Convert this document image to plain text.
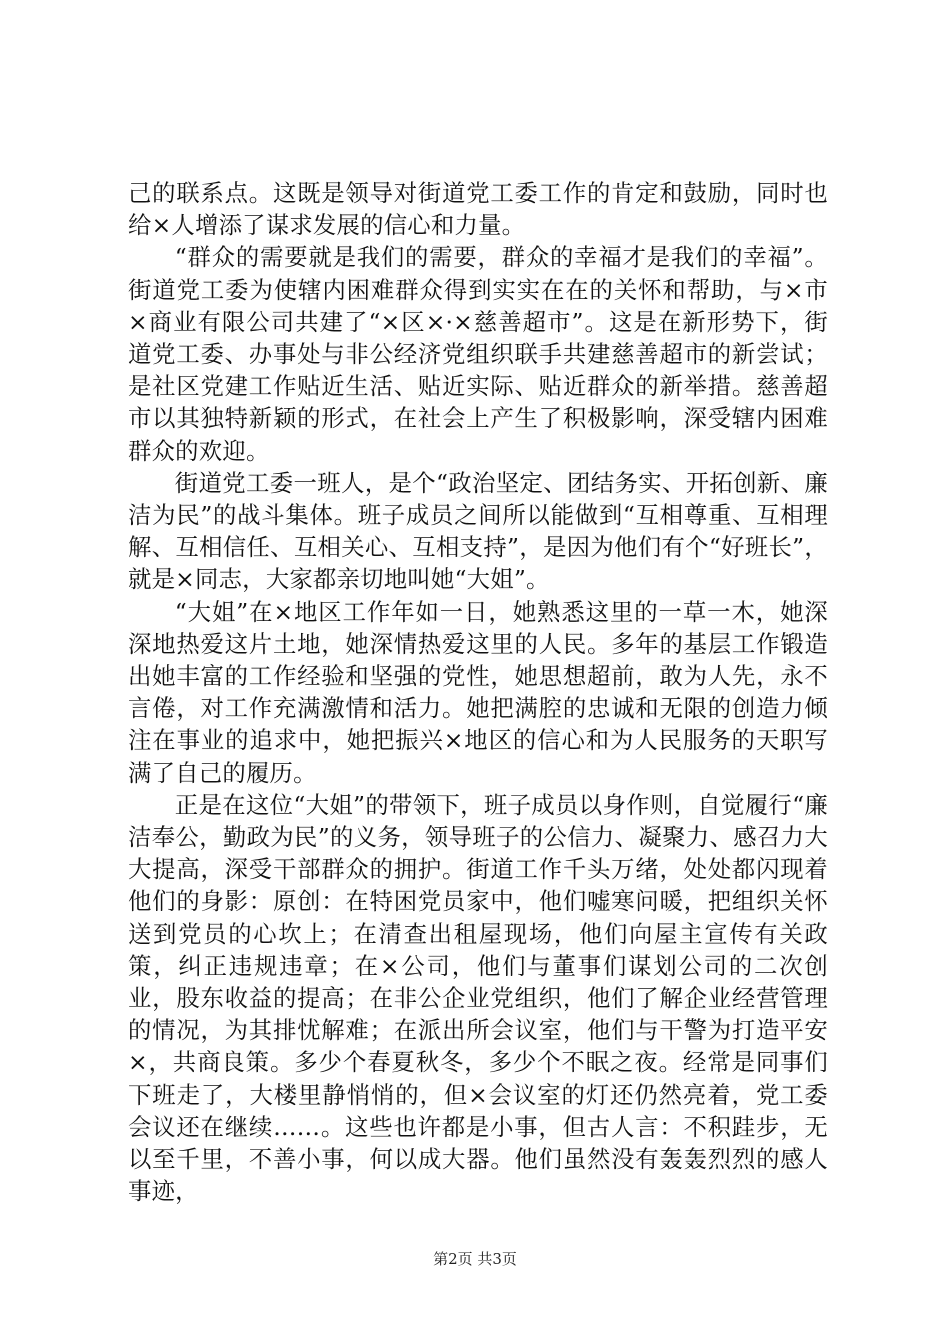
己的联系点。这既是领导对街道党工委工作的肯定和鼓励，同时也给×人增添了谋求发展的信心和力量。

“群众的需要就是我们的需要，群众的幸福才是我们的幸福”。街道党工委为使辖内困难群众得到实实在在的关怀和帮助，与×市×商业有限公司共建了“×区×·×慈善超市”。这是在新形势下，街道党工委、办事处与非公经济党组织联手共建慈善超市的新尝试；是社区党建工作贴近生活、贴近实际、贴近群众的新举措。慈善超市以其独特新颖的形式，在社会上产生了积极影响，深受辖内困难群众的欢迎。

街道党工委一班人，是个“政治坚定、团结务实、开拓创新、廉洁为民”的战斗集体。班子成员之间所以能做到“互相尊重、互相理解、互相信任、互相关心、互相支持”，是因为他们有个“好班长”，就是×同志，大家都亲切地叫她“大姐”。

“大姐”在×地区工作年如一日，她熟悉这里的一草一木，她深深地热爱这片土地，她深情热爱这里的人民。多年的基层工作锻造出她丰富的工作经验和坚强的党性，她思想超前，敢为人先，永不言倦，对工作充满激情和活力。她把满腔的忠诚和无限的创造力倾注在事业的追求中，她把振兴×地区的信心和为人民服务的天职写满了自己的履历。

正是在这位“大姐”的带领下，班子成员以身作则，自觉履行“廉洁奉公，勤政为民”的义务，领导班子的公信力、凝聚力、感召力大大提高，深受干部群众的拥护。街道工作千头万绪，处处都闪现着他们的身影：原创：在特困党员家中，他们嘘寒问暖，把组织关怀送到党员的心坎上；在清查出租屋现场，他们向屋主宣传有关政策，纠正违规违章；在×公司，他们与董事们谋划公司的二次创业，股东收益的提高；在非公企业党组织，他们了解企业经营管理的情况，为其排忧解难；在派出所会议室，他们与干警为打造平安×，共商良策。多少个春夏秋冬，多少个不眠之夜。经常是同事们下班走了，大楼里静悄悄的，但×会议室的灯还仍然亮着，党工委会议还在继续……。这些也许都是小事，但古人言：不积跬步，无以至千里，不善小事，何以成大器。他们虽然没有轰轰烈烈的感人事迹，

第2页 共3页
